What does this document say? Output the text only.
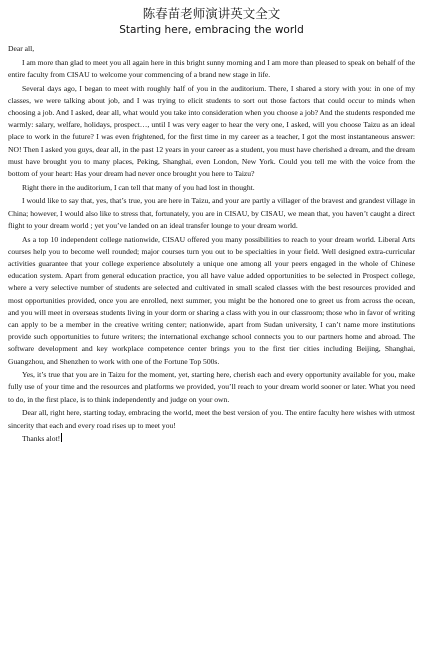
陈春苗老师演讲英文全文
Starting here, embracing the world

Dear all,

I am more than glad to meet you all again here in this bright sunny morning and I am more than pleased to speak on behalf of the entire faculty from CISAU to welcome your commencing of a brand new stage in life.

Several days ago, I began to meet with roughly half of you in the auditorium. There, I shared a story with you: in one of my classes, we were talking about job, and I was trying to elicit students to sort out those factors that could occur to minds when choosing a job. And I asked, dear all, what would you take into consideration when you choose a job? And the students responded me warmly: salary, welfare, holidays, prospect…, until I was very eager to hear the very one, I asked, will you choose Taizu as an ideal place to work in the future? I was even frightened, for the first time in my career as a teacher, I got the most instantaneous answer: NO! Then I asked you guys, dear all, in the past 12 years in your career as a student, you must have cherished a dream, and the dream must have brought you to many places, Peking, Shanghai, even London, New York. Could you tell me with the voice from the bottom of your heart: Has your dream had never once brought you here to Taizu?

Right there in the auditorium, I can tell that many of you had lost in thought.

I would like to say that, yes, that’s true, you are here in Taizu, and your are partly a villager of the bravest and grandest village in China; however, I would also like to stress that, fortunately, you are in CISAU, by CISAU, we mean that, you haven’t caught a direct flight to your dream world ; yet you’ve landed on an ideal transfer lounge to your dream world.

As a top 10 independent college nationwide, CISAU offered you many possibilities to reach to your dream world. Liberal Arts courses help you to become well rounded; major courses turn you out to be specialties in your field. Well designed extra-curricular activities guarantee that your college experience absolutely a unique one among all your peers engaged in the whole of Chinese education system. Apart from general education practice, you all have value added opportunities to be selected in Prospect college, where a very selective number of students are selected and cultivated in small scaled classes with the best resources provided and most opportunities provided, once you are enrolled, next summer, you might be the honored one to greet us from across the ocean, and you will meet in overseas students living in your dorm or sharing a class with you in our classroom; those who in favor of writing can apply to be a member in the creative writing center; nationwide, apart from Sudan university, I can’t name more institutions provide such opportunities to future writers; the international exchange school connects you to our partners home and abroad. The software development and key workplace competence center brings you to the first tier cities including Beijing, Shanghai, Guangzhou, and Shenzhen to work with one of the Fortune Top 500s.

Yes, it’s true that you are in Taizu for the moment, yet, starting here, cherish each and every opportunity available for you, make fully use of your time and the resources and platforms we provided, you’ll reach to your dream world sooner or later. What you need to do, in the first place, is to think independently and judge on your own.

Dear all, right here, starting today, embracing the world, meet the best version of you. The entire faculty here wishes with utmost sincerity that each and every road rises up to meet you!

Thanks alot!
